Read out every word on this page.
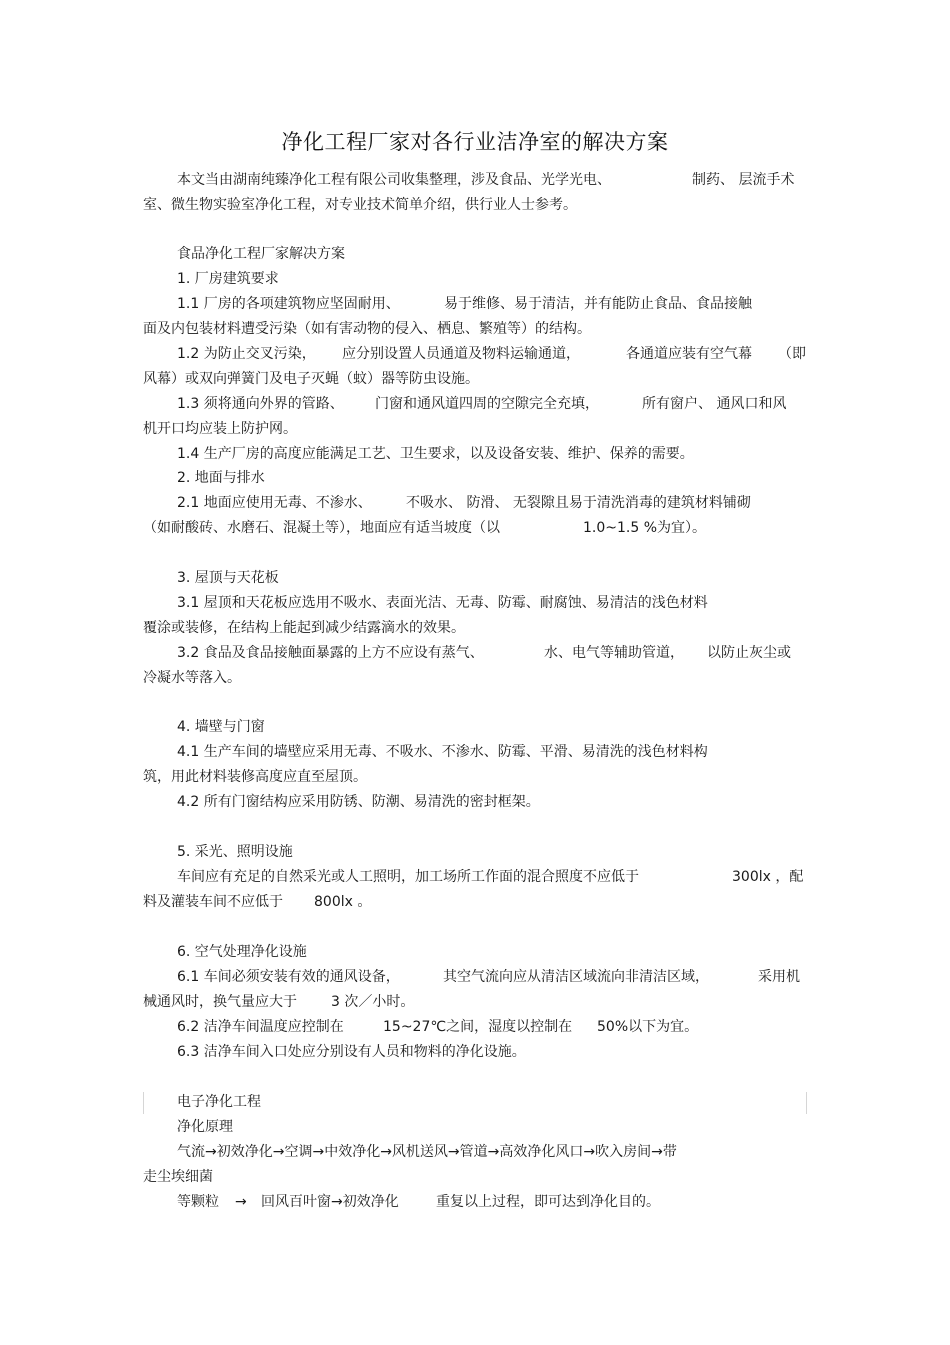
净化工程厂家对各行业洁净室的解决方案
本文当由湖南纯臻净化工程有限公司收集整理，涉及食品、光学光电、	制药、 层流手术
室、微生物实验室净化工程，对专业技术简单介绍，供行业人士参考。
食品净化工程厂家解决方案
1. 厂房建筑要求
1.1 厂房的各项建筑物应坚固耐用、	易于维修、易于清洁，并有能防止食品、食品接触
面及内包装材料遭受污染（如有害动物的侵入、栖息、繁殖等）的结构。
1.2 为防止交叉污染， 应分别设置人员通道及物料运输通道，	各通道应装有空气幕 （即
风幕）或双向弹簧门及电子灭蝇（蚊）器等防虫设施。
1.3 须将通向外界的管路、 门窗和通风道四周的空隙完全充填，	所有窗户、 通风口和风
机开口均应装上防护网。
1.4 生产厂房的高度应能满足工艺、卫生要求，以及设备安装、维护、保养的需要。
2. 地面与排水
2.1 地面应使用无毒、不渗水、 不吸水、 防滑、 无裂隙且易于清洗消毒的建筑材料铺砌
（如耐酸砖、水磨石、混凝土等），地面应有适当坡度（以	1.0~1.5 %为宜）。
3. 屋顶与天花板
3.1 屋顶和天花板应选用不吸水、表面光洁、无毒、防霉、耐腐蚀、易清洁的浅色材料
覆涂或装修，在结构上能起到减少结露滴水的效果。
3.2 食品及食品接触面暴露的上方不应设有蒸气、	水、电气等辅助管道， 以防止灰尘或
冷凝水等落入。
4. 墙壁与门窗
4.1 生产车间的墙壁应采用无毒、不吸水、不渗水、防霉、平滑、易清洗的浅色材料构
筑，用此材料装修高度应直至屋顶。
4.2 所有门窗结构应采用防锈、防潮、易清洗的密封框架。
5. 采光、照明设施
车间应有充足的自然采光或人工照明，加工场所工作面的混合照度不应低于	300lx ，配
料及灌装车间不应低于 800lx 。
6. 空气处理净化设施
6.1 车间必须安装有效的通风设备，	其空气流向应从清洁区域流向非清洁区域，	采用机
械通风时，换气量应大于 3 次／小时。
6.2 洁净车间温度应控制在	15~27℃之间，湿度以控制在 50%以下为宜。
6.3 洁净车间入口处应分别设有人员和物料的净化设施。
电子净化工程
净化原理
气流→初效净化→空调→中效净化→风机送风→管道→高效净化风口→吹入房间→带
走尘埃细菌
等颗粒 → 回风百叶窗→初效净化	重复以上过程，即可达到净化目的。
